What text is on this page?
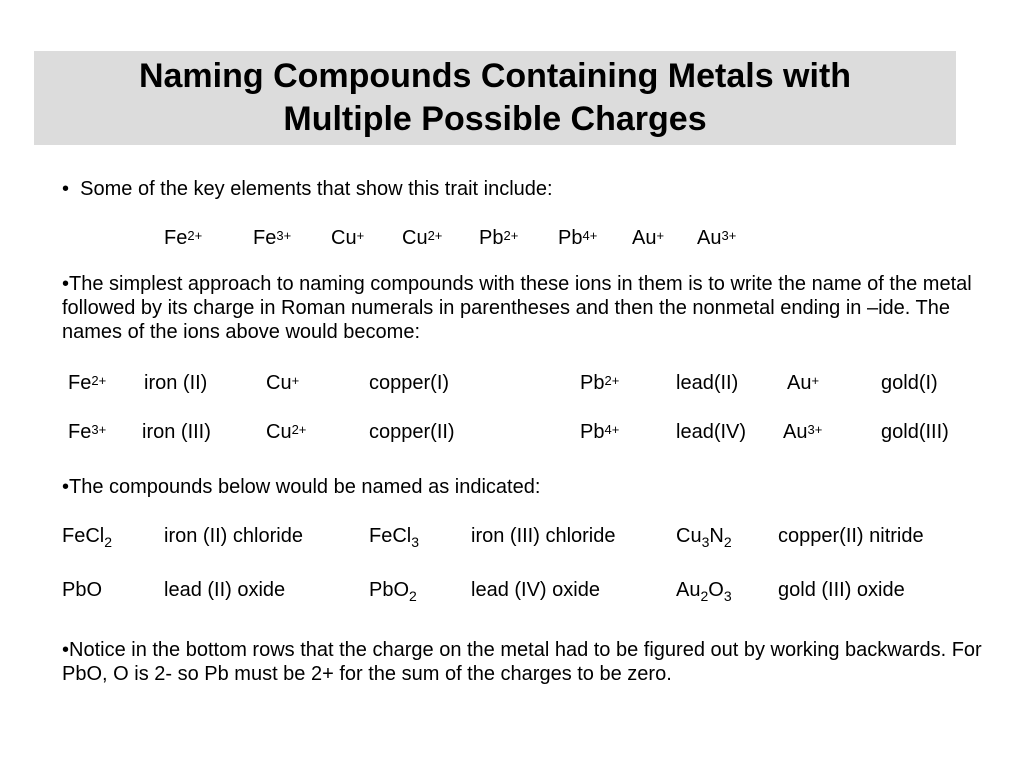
Naming Compounds Containing Metals with
Multiple Possible Charges

• Some of the key elements that show this trait include:

$Fe^{2+}$	$Fe^{3+}$ Cu+ $Cu^{2+}$ $Pb^{2+}$ $Pb^{4+}$ Au+ $Au^{3+}$

•The simplest approach to naming compounds with these ions in them is to write the name of the metal followed by its charge in Roman numerals in parentheses and then the nonmetal ending in –ide. The names of the ions above would become:

$Fe^{2+}$ iron (II)	Cu+	copper(I)	$Pb^{2+}$	lead(II) Au+	gold(I)
$Fe^{3+}$ iron (III)	$Cu^{2+}$	copper(II)	$Pb^{4+}$	lead(IV) $Au^{3+}$	gold(III)

•The compounds below would be named as indicated:

FeCl$_2$	iron (II) chloride	FeCl$_3$	iron (III) chloride	$Cu_3N_2$ copper(II) nitride
PbO	lead (II) oxide	PbO$_2$	lead (IV) oxide	$Au_2O_3$ gold (III) oxide

•Notice in the bottom rows that the charge on the metal had to be figured out by working backwards. For PbO, O is 2- so Pb must be 2+ for the sum of the charges to be zero.
